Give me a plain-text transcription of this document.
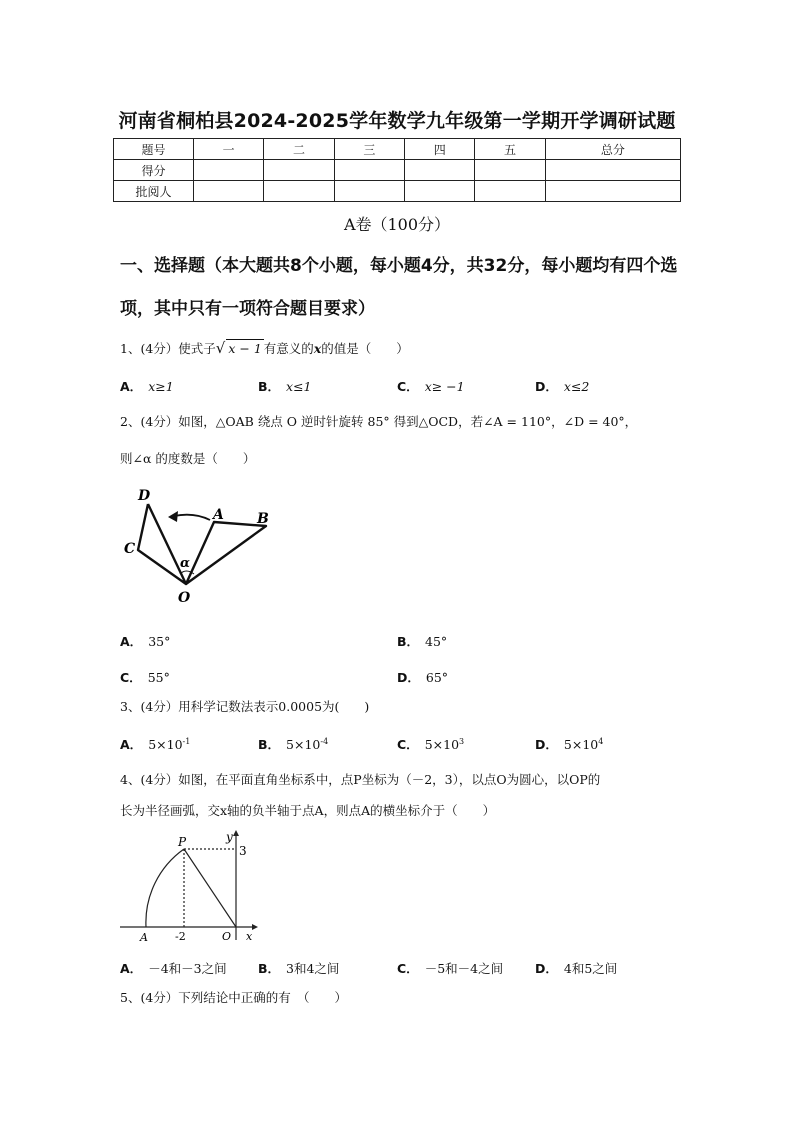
河南省桐柏县2024-2025学年数学九年级第一学期开学调研试题
题号	一	二	三	四	五	总分
得分						
批阅人						
A卷（100分）
一、选择题（本大题共8个小题，每小题4分，共32分，每小题均有四个选项，其中只有一项符合题目要求）
1、(4分）使式子√ x − 1 有意义的x的值是（　　）
A． x≥1	B． x≤1	C． x≥ −1	D． x≤2
2、(4分）如图，△OAB 绕点 O 逆时针旋转 85° 得到△OCD，若∠A = 110°，∠D = 40°，
则∠α 的度数是（　　）
D
A B
C
α
O
A． 35°	B． 45°
C． 55°	D． 65°
3、(4分）用科学记数法表示0.0005为(　　)
A． $5\times 10^{-1}$	B． $5\times 10^{-4}$	C． $5\times 10^3$	D． $5\times 10^4$
4、(4分）如图，在平面直角坐标系中，点P坐标为（－2，3），以点O为圆心，以OP的
长为半径画弧，交x轴的负半轴于点A，则点A的横坐标介于（　　）
P	y
3
A -2	O x
A． －4和－3之间	B． 3和4之间	C． －5和－4之间	D． 4和5之间
5、(4分）下列结论中正确的有　（　　）
